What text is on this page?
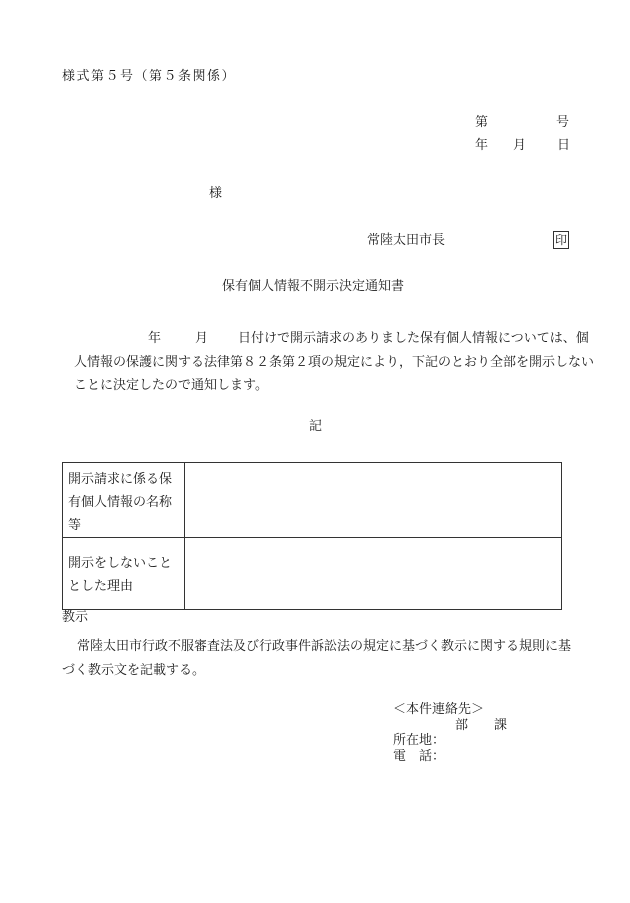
様式第５号（第５条関係）
第	号
年 月 日
様
常陸太田市長	印
保有個人情報不開示決定通知書
年	月 日付けで開示請求のありました保有個人情報については、個人情報の保護に関する法律第８２条第２項の規定により，下記のとおり全部を開示しないことに決定したので通知します。
記
開示請求に係る保有個人情報の名称等	
開示をしないこととした理由	
教示
常陸太田市行政不服審査法及び行政事件訴訟法の規定に基づく教示に関する規則に基づく教示文を記載する。
＜本件連絡先＞
部 課
所在地：
電　話：
